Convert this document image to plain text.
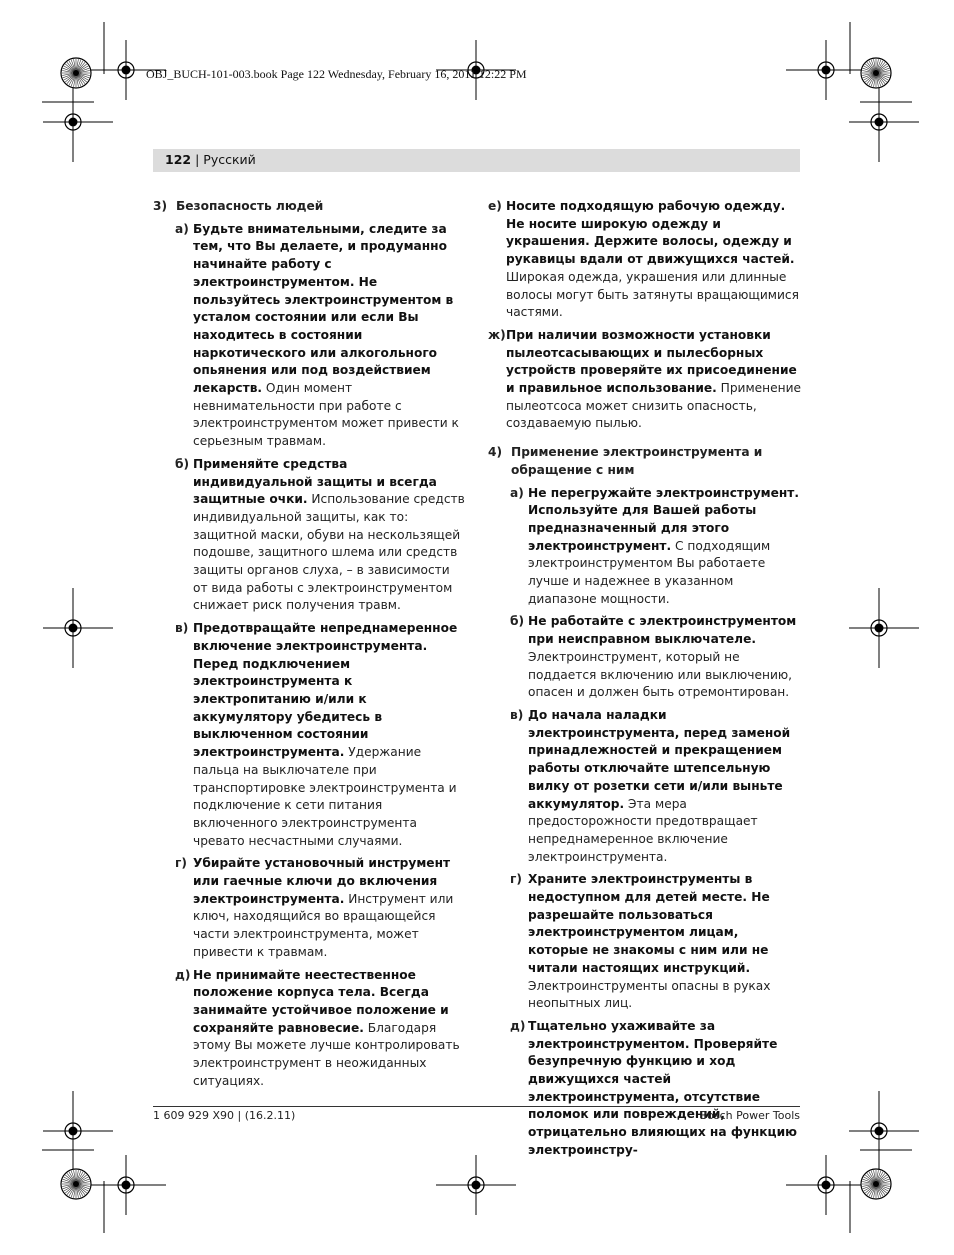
OBJ_BUCH-101-003.book Page 122 Wednesday, February 16, 2011 12:22 PM
122 | Русский
3) Безопасность людей
а) Будьте внимательными, следите за тем, что Вы делаете, и продуманно начинайте работу с электроинструментом. Не пользуйтесь электроинструментом в усталом состоянии или если Вы находитесь в состоянии наркотического или алкогольного опьянения или под воздействием лекарств. Один момент невнимательности при работе с электроинструментом может привести к серьезным травмам.

б) Применяйте средства индивидуальной защиты и всегда защитные очки. Использование средств индивидуальной защиты, как то: защитной маски, обуви на нескользящей подошве, защитного шлема или средств защиты органов слуха, – в зависимости от вида работы с электроинструментом снижает риск получения травм.

в) Предотвращайте непреднамеренное включение электроинструмента. Перед подключением электроинструмента к электропитанию и/или к аккумулятору убедитесь в выключенном состоянии электроинструмента. Удержание пальца на выключателе при транспортировке электроинструмента и подключение к сети питания включенного электроинструмента чревато несчастными случаями.

г) Убирайте установочный инструмент или гаечные ключи до включения электроинструмента. Инструмент или ключ, находящийся во вращающейся части электроинструмента, может привести к травмам.

д) Не принимайте неестественное положение корпуса тела. Всегда занимайте устойчивое положение и сохраняйте равновесие. Благодаря этому Вы можете лучше контролировать электроинструмент в неожиданных ситуациях.

е) Носите подходящую рабочую одежду. Не носите широкую одежду и украшения. Держите волосы, одежду и рукавицы вдали от движущихся частей. Широкая одежда, украшения или длинные волосы могут быть затянуты вращающимися частями.

ж) При наличии возможности установки пылеотсасывающих и пылесборных устройств проверяйте их присоединение и правильное использование. Применение пылеотсоса может снизить опасность, создаваемую пылью.

4) Применение электроинструмента и обращение с ним
а) Не перегружайте электроинструмент. Используйте для Вашей работы предназначенный для этого электроинструмент. С подходящим электроинструментом Вы работаете лучше и надежнее в указанном диапазоне мощности.

б) Не работайте с электроинструментом при неисправном выключателе. Электроинструмент, который не поддается включению или выключению, опасен и должен быть отремонтирован.

в) До начала наладки электроинструмента, перед заменой принадлежностей и прекращением работы отключайте штепсельную вилку от розетки сети и/или выньте аккумулятор. Эта мера предосторожности предотвращает непреднамеренное включение электроинструмента.

г) Храните электроинструменты в недоступном для детей месте. Не разрешайте пользоваться электроинструментом лицам, которые не знакомы с ним или не читали настоящих инструкций. Электроинструменты опасны в руках неопытных лиц.

д) Тщательно ухаживайте за электроинструментом. Проверяйте безупречную функцию и ход движущихся частей электроинструмента, отсутствие поломок или повреждений, отрицательно влияющих на функцию электроинстру-

1 609 929 X90 | (16.2.11)	Bosch Power Tools
